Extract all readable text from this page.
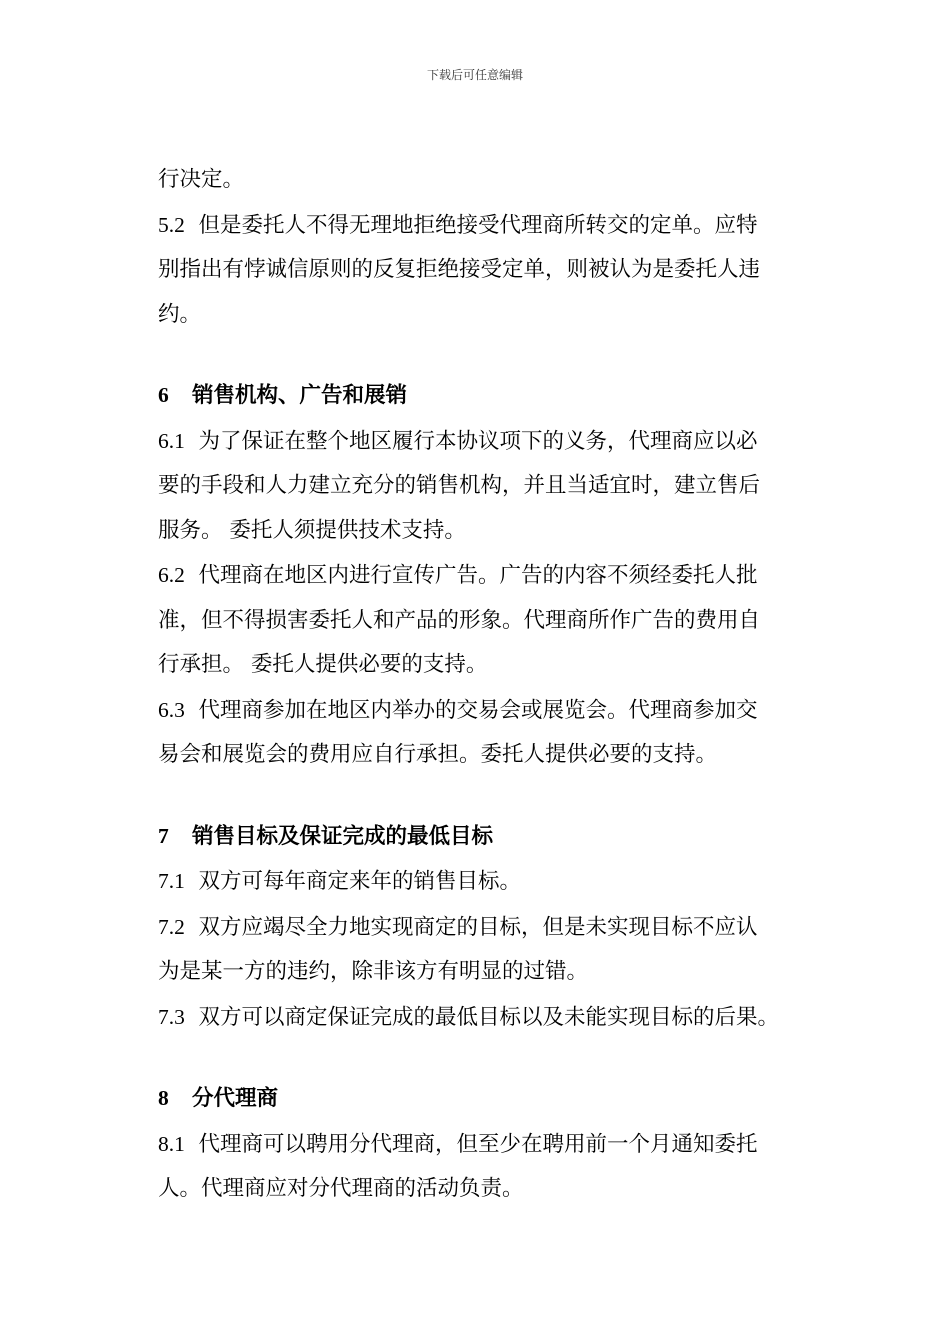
下载后可任意编辑

行决定。

5.2 但是委托人不得无理地拒绝接受代理商所转交的定单。应特

别指出有悖诚信原则的反复拒绝接受定单，则被认为是委托人违

约。

6 销售机构、广告和展销

6.1 为了保证在整个地区履行本协议项下的义务，代理商应以必

要的手段和人力建立充分的销售机构，并且当适宜时，建立售后

服务。 委托人须提供技术支持。

6.2 代理商在地区内进行宣传广告。广告的内容不须经委托人批

准，但不得损害委托人和产品的形象。代理商所作广告的费用自

行承担。 委托人提供必要的支持。

6.3 代理商参加在地区内举办的交易会或展览会。代理商参加交

易会和展览会的费用应自行承担。委托人提供必要的支持。

7 销售目标及保证完成的最低目标

7.1 双方可每年商定来年的销售目标。

7.2 双方应竭尽全力地实现商定的目标，但是未实现目标不应认

为是某一方的违约，除非该方有明显的过错。

7.3 双方可以商定保证完成的最低目标以及未能实现目标的后果。

8 分代理商

8.1 代理商可以聘用分代理商，但至少在聘用前一个月通知委托

人。代理商应对分代理商的活动负责。
